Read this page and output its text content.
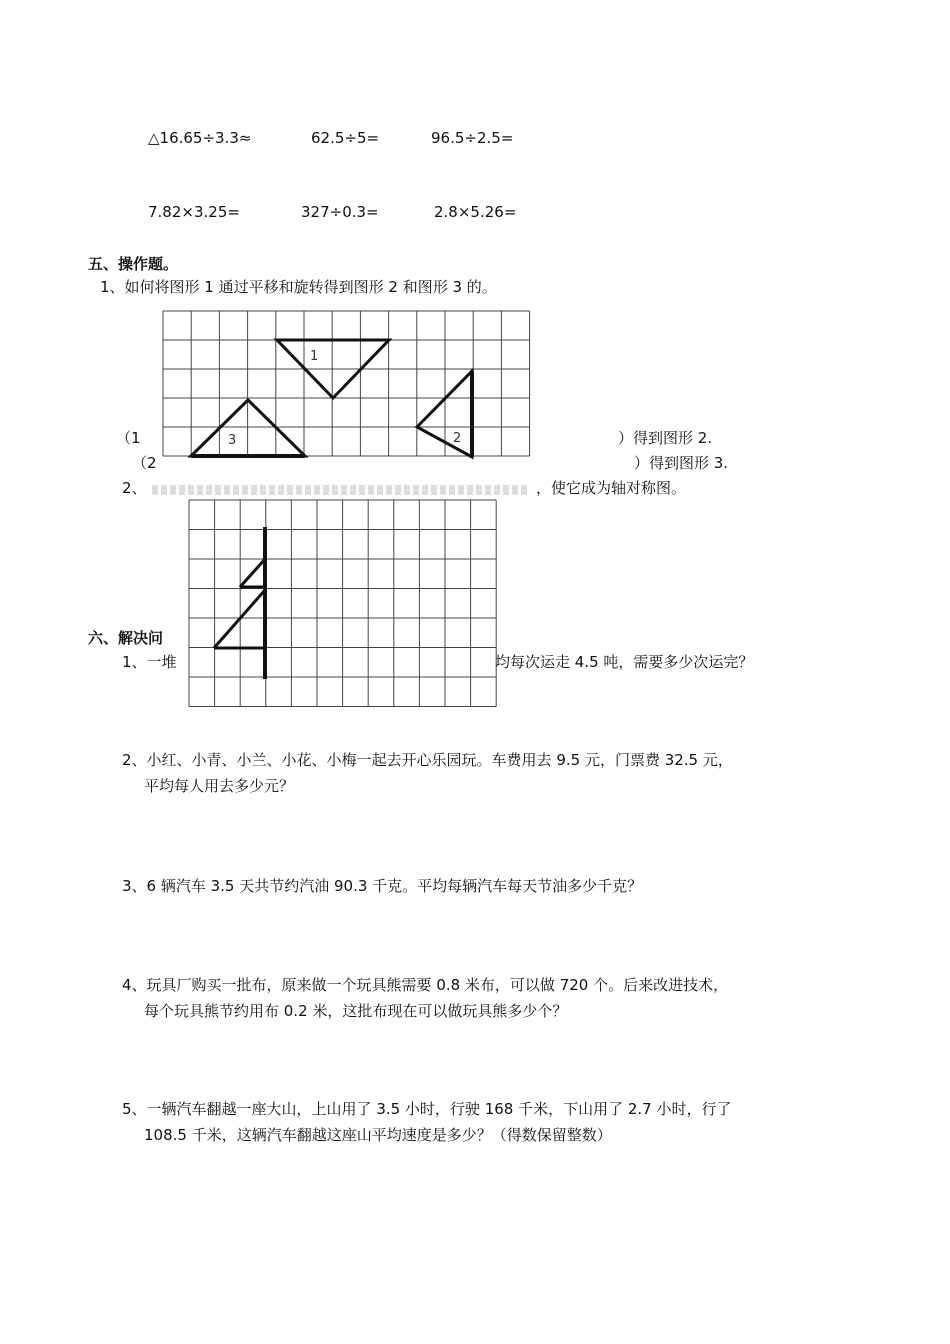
△16.65÷3.3≈	62.5÷5=	96.5÷2.5=
7.82×3.25=	327÷0.3=	2.8×5.26=
五、操作题。
1、如何将图形 1 通过平移和旋转得到图形 2 和图形 3 的。
1
2
3
（1	）得到图形 2.
（2	）得到图形 3.
2、	，使它成为轴对称图。
六、解决问
1、一堆	均每次运走 4.5 吨，需要多少次运完？
2、小红、小青、小兰、小花、小梅一起去开心乐园玩。车费用去 9.5 元，门票费 32.5 元，
平均每人用去多少元？
3、6 辆汽车 3.5 天共节约汽油 90.3 千克。平均每辆汽车每天节油多少千克？
4、玩具厂购买一批布，原来做一个玩具熊需要 0.8 米布，可以做 720 个。后来改进技术，
每个玩具熊节约用布 0.2 米，这批布现在可以做玩具熊多少个？
5、一辆汽车翻越一座大山，上山用了 3.5 小时，行驶 168 千米，下山用了 2.7 小时，行了
108.5 千米，这辆汽车翻越这座山平均速度是多少？（得数保留整数）
